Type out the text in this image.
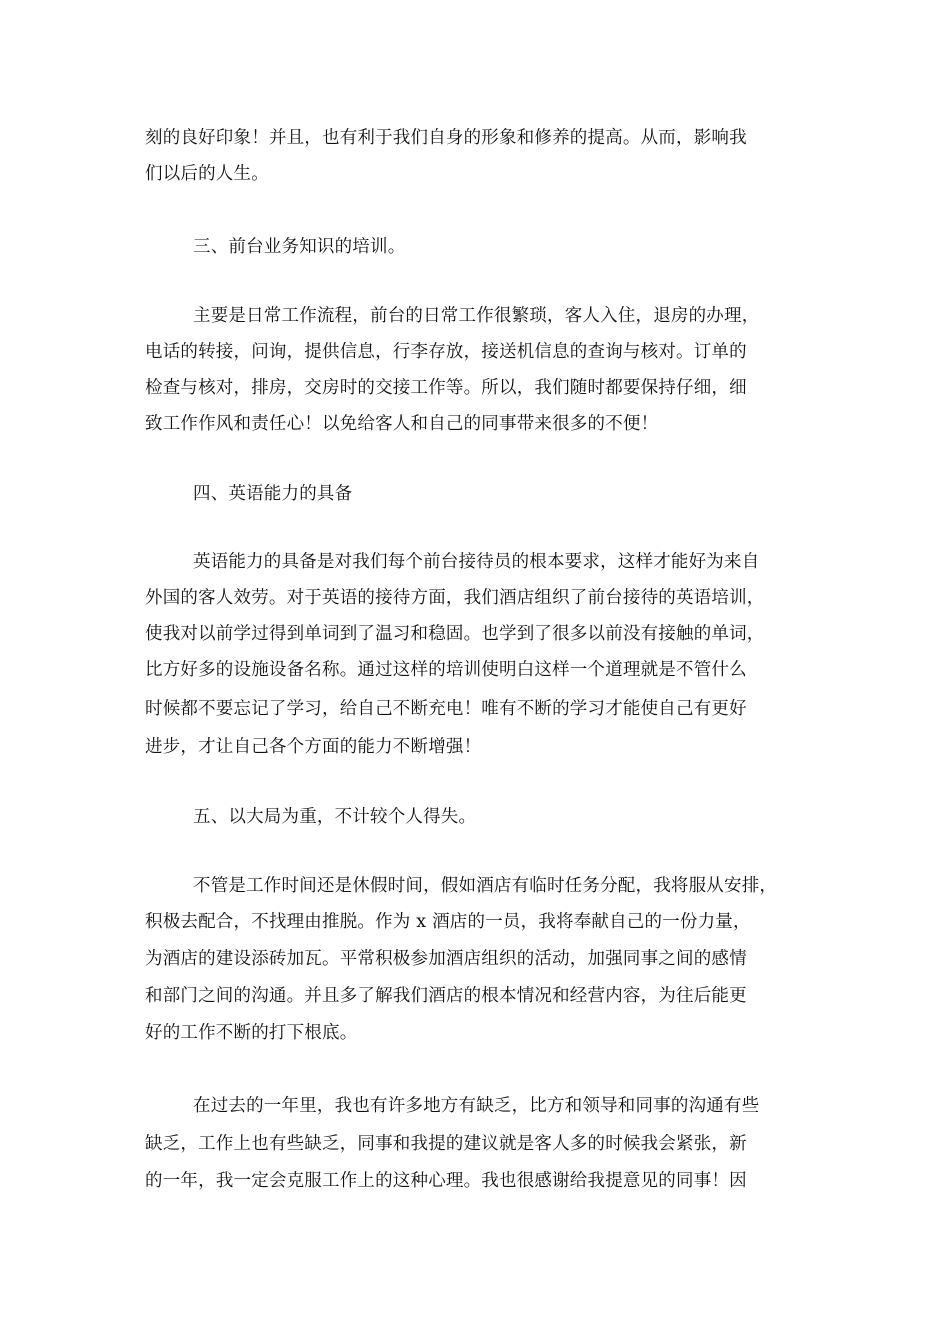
刻的良好印象！并且，也有利于我们自身的形象和修养的提高。从而，影响我
们以后的人生。
三、前台业务知识的培训。
主要是日常工作流程，前台的日常工作很繁琐，客人入住，退房的办理，
电话的转接，问询，提供信息，行李存放，接送机信息的查询与核对。订单的
检查与核对，排房，交房时的交接工作等。所以，我们随时都要保持仔细，细
致工作作风和责任心！以免给客人和自己的同事带来很多的不便！
四、英语能力的具备
英语能力的具备是对我们每个前台接待员的根本要求，这样才能好为来自
外国的客人效劳。对于英语的接待方面，我们酒店组织了前台接待的英语培训，
使我对以前学过得到单词到了温习和稳固。也学到了很多以前没有接触的单词，
比方好多的设施设备名称。通过这样的培训使明白这样一个道理就是不管什么
时候都不要忘记了学习，给自己不断充电！唯有不断的学习才能使自己有更好
进步，才让自己各个方面的能力不断增强！
五、以大局为重，不计较个人得失。
不管是工作时间还是休假时间，假如酒店有临时任务分配，我将服从安排，
积极去配合，不找理由推脱。作为 x 酒店的一员，我将奉献自己的一份力量，
为酒店的建设添砖加瓦。平常积极参加酒店组织的活动，加强同事之间的感情
和部门之间的沟通。并且多了解我们酒店的根本情况和经营内容，为往后能更
好的工作不断的打下根底。
在过去的一年里，我也有许多地方有缺乏，比方和领导和同事的沟通有些
缺乏，工作上也有些缺乏，同事和我提的建议就是客人多的时候我会紧张，新
的一年，我一定会克服工作上的这种心理。我也很感谢给我提意见的同事！因
